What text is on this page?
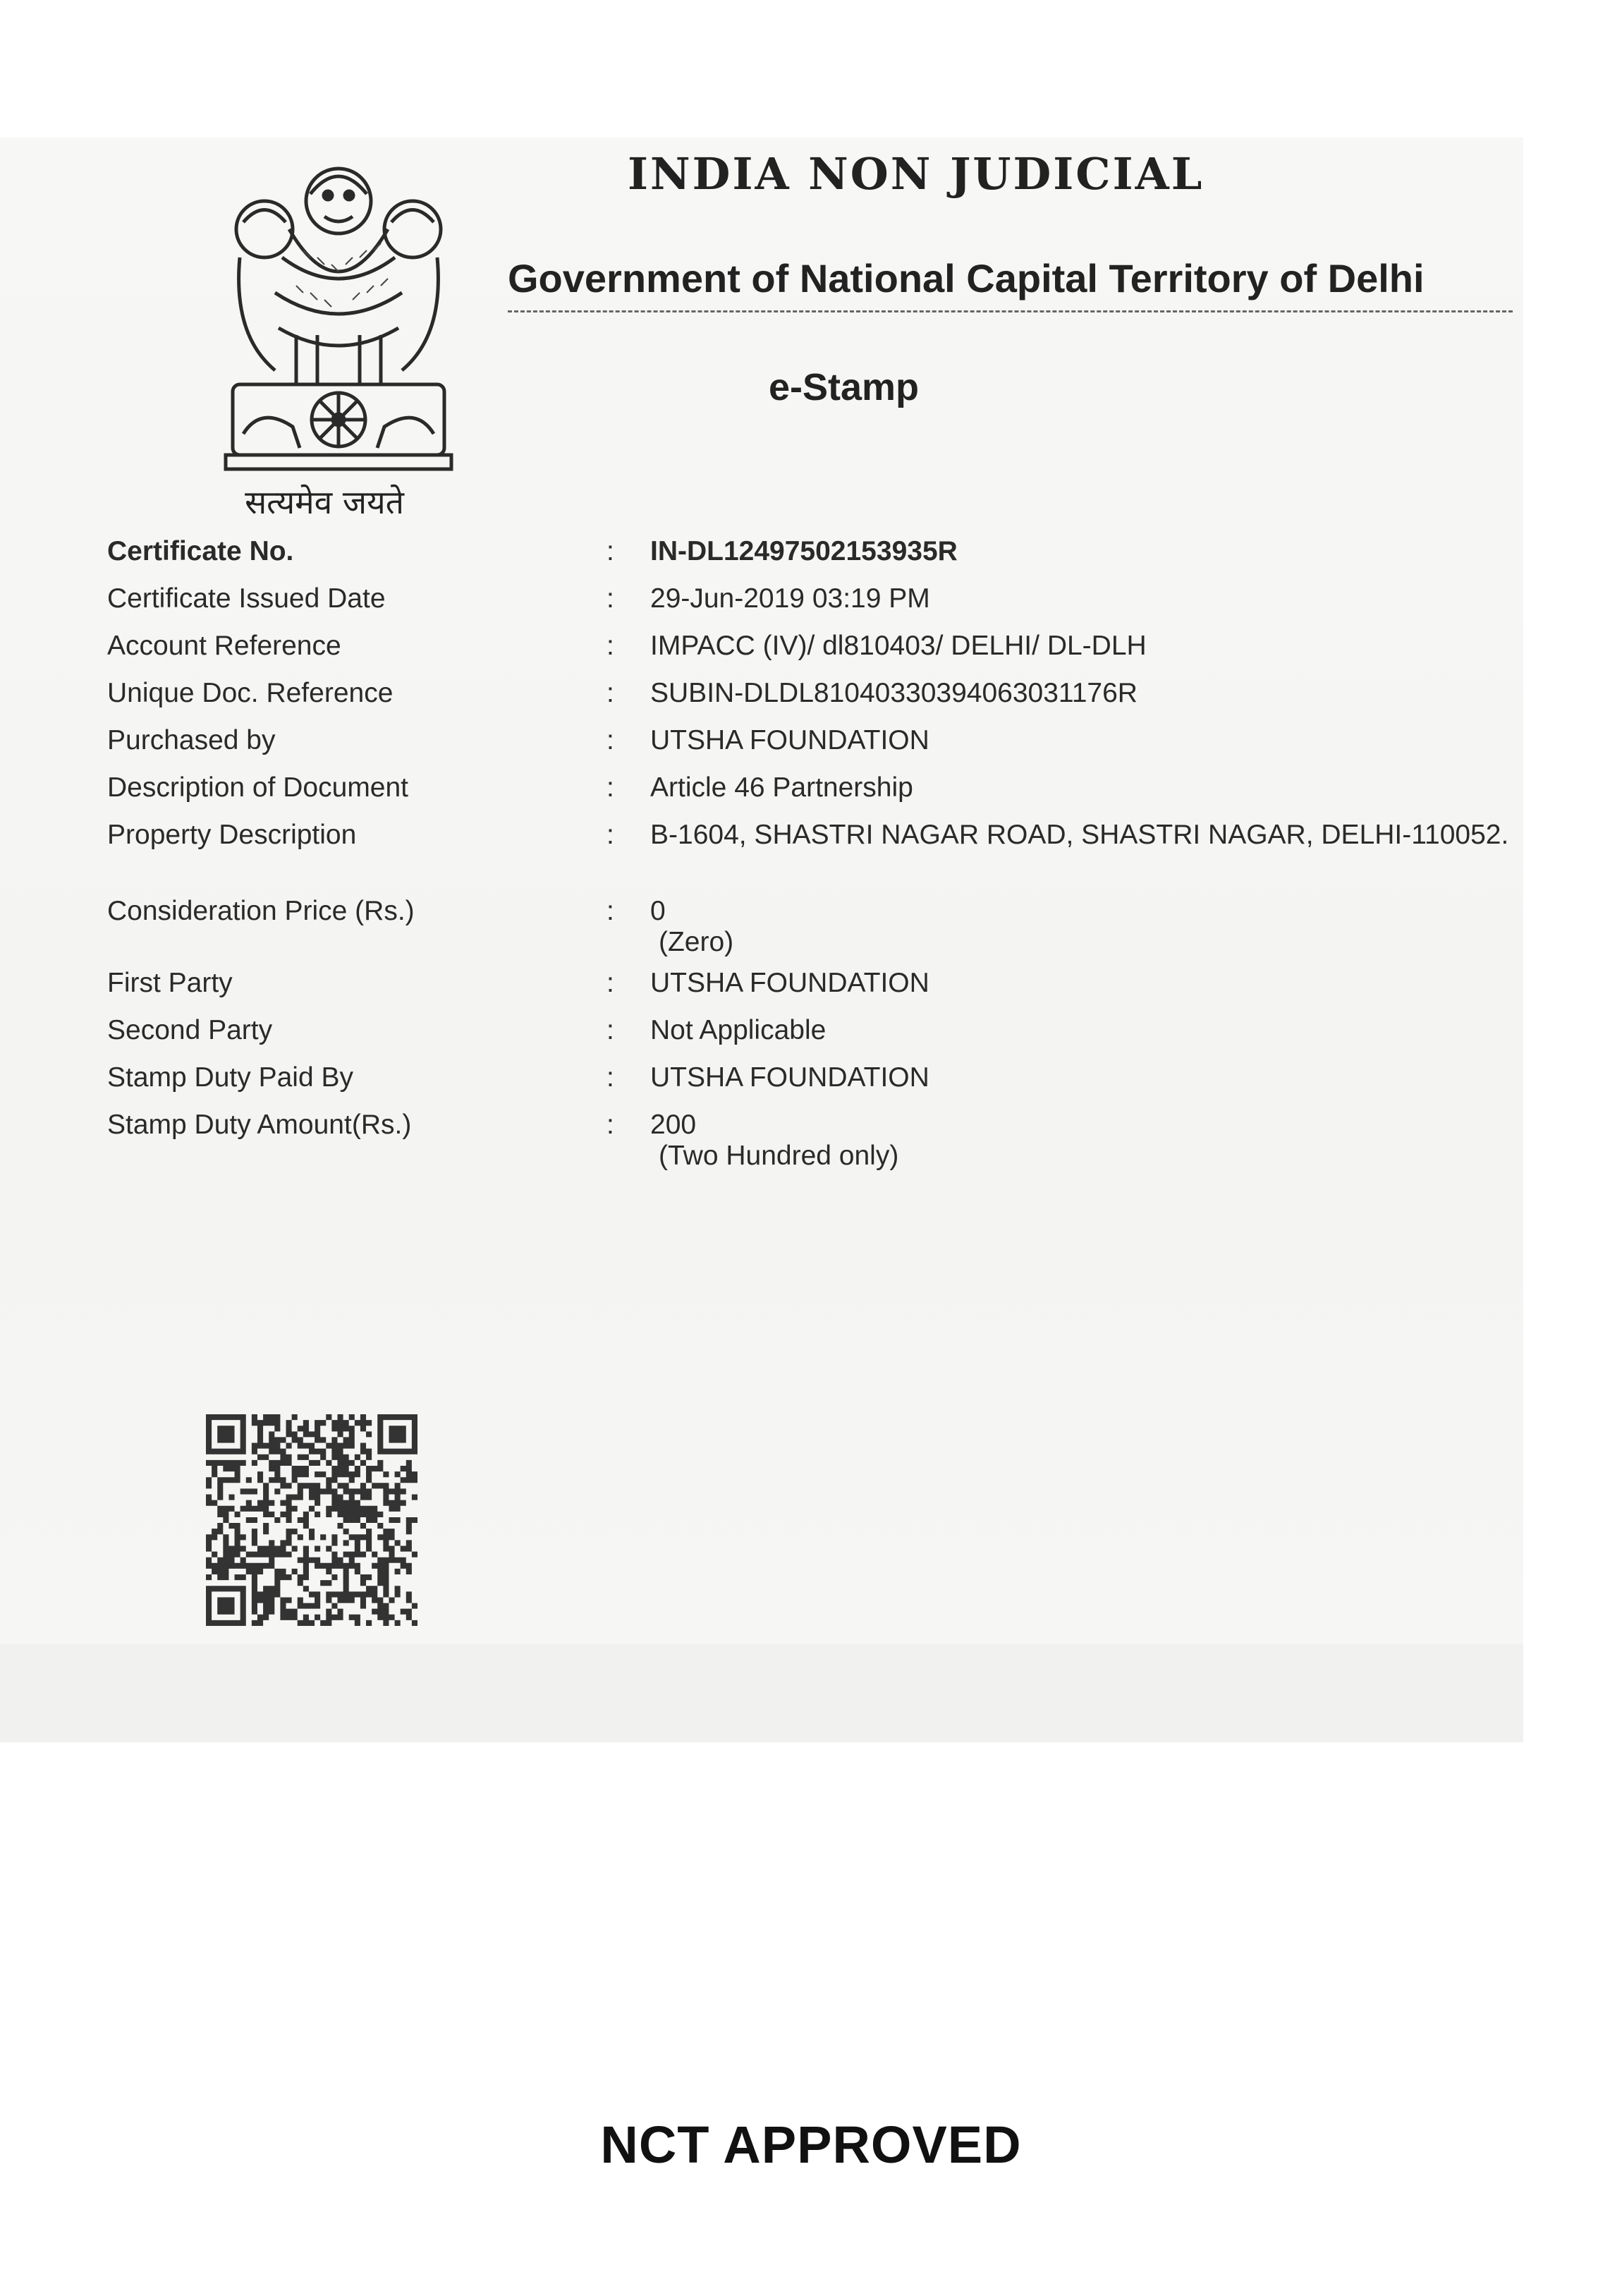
सत्यमेव जयते
INDIA NON JUDICIAL
Government of National Capital Territory of Delhi
e-Stamp
Certificate No.	: IN-DL12497502153935R
Certificate Issued Date	: 29-Jun-2019 03:19 PM
Account Reference	: IMPACC (IV)/ dl810403/ DELHI/ DL-DLH
Unique Doc. Reference	: SUBIN-DLDL81040330394063031176R
Purchased by	: UTSHA FOUNDATION
Description of Document	: Article 46 Partnership
Property Description	: B-1604, SHASTRI NAGAR ROAD, SHASTRI NAGAR, DELHI-110052.
Consideration Price (Rs.)	: 0
(Zero)
First Party	: UTSHA FOUNDATION
Second Party	: Not Applicable
Stamp Duty Paid By	: UTSHA FOUNDATION
Stamp Duty Amount(Rs.)	: 200
(Two Hundred only)
NCT APPROVED
